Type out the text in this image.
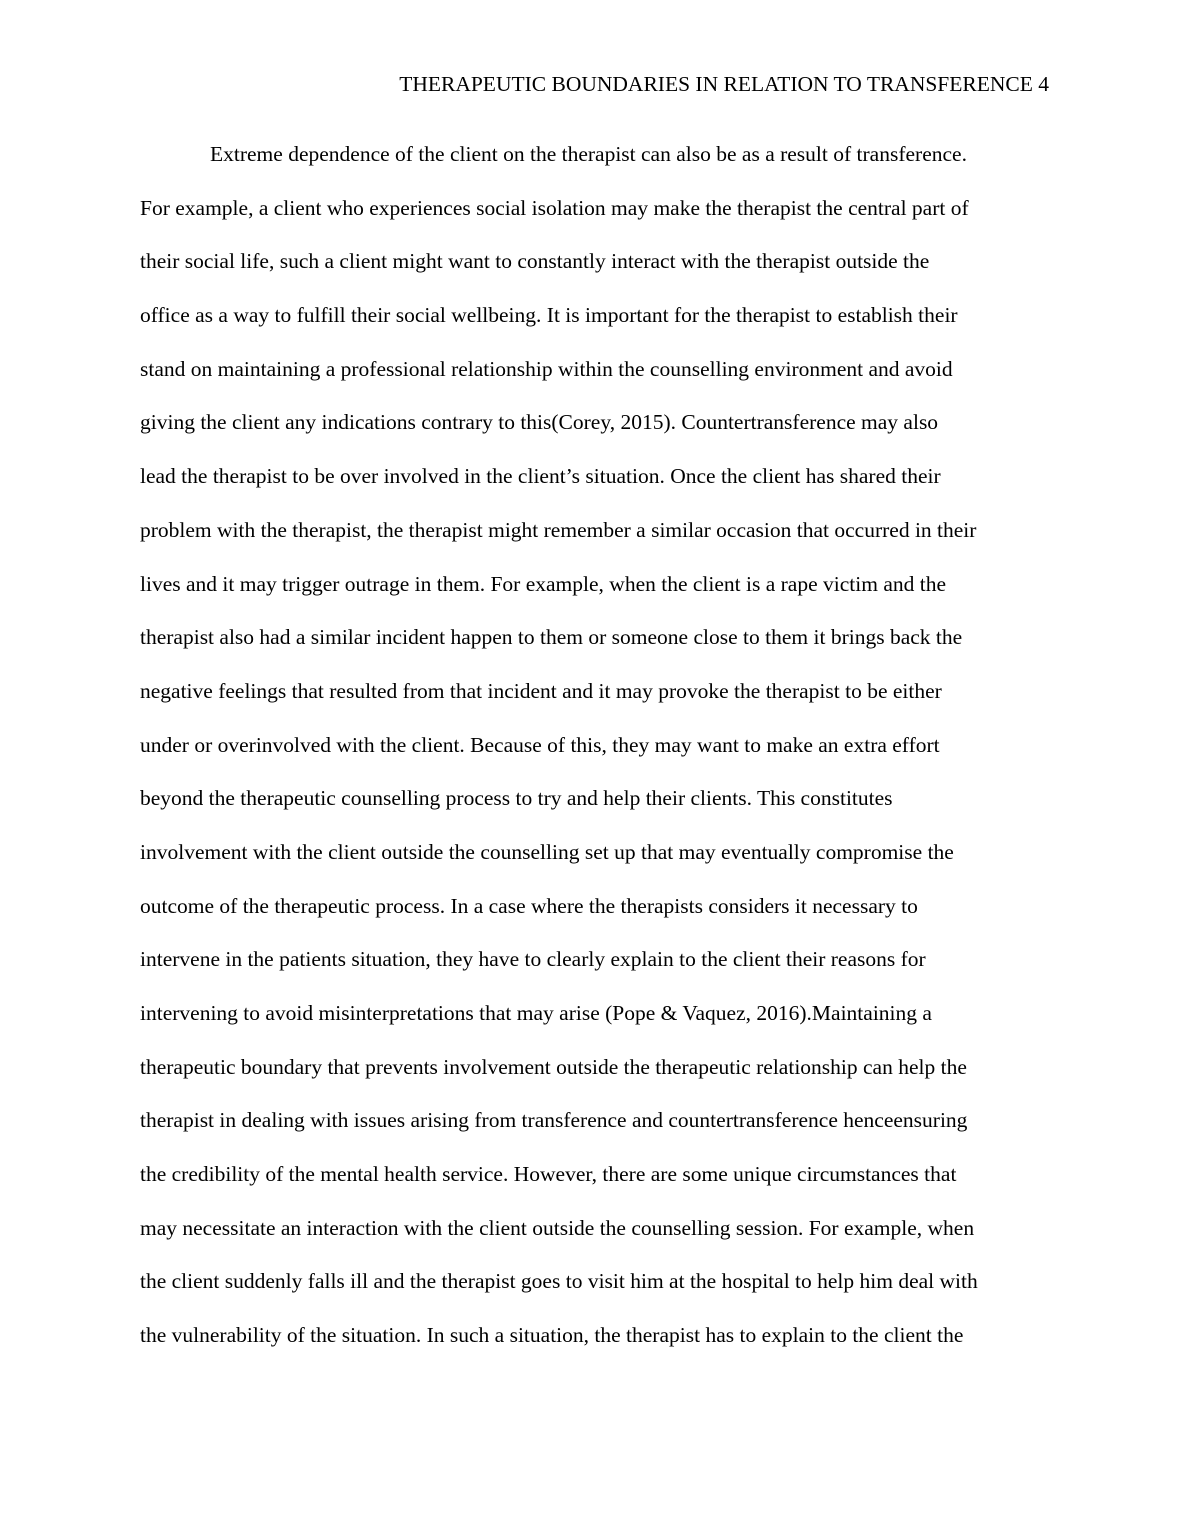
THERAPEUTIC BOUNDARIES IN RELATION TO TRANSFERENCE 4
Extreme dependence of the client on the therapist can also be as a result of transference.
For example, a client who experiences social isolation may make the therapist the central part of
their social life, such a client might want to constantly interact with the therapist outside the
office as a way to fulfill their social wellbeing. It is important for the therapist to establish their
stand on maintaining a professional relationship within the counselling environment and avoid
giving the client any indications contrary to this(Corey, 2015). Countertransference may also
lead the therapist to be over involved in the client’s situation. Once the client has shared their
problem with the therapist, the therapist might remember a similar occasion that occurred in their
lives and it may trigger outrage in them. For example, when the client is a rape victim and the
therapist also had a similar incident happen to them or someone close to them it brings back the
negative feelings that resulted from that incident and it may provoke the therapist to be either
under or overinvolved with the client. Because of this, they may want to make an extra effort
beyond the therapeutic counselling process to try and help their clients. This constitutes
involvement with the client outside the counselling set up that may eventually compromise the
outcome of the therapeutic process. In a case where the therapists considers it necessary to
intervene in the patients situation, they have to clearly explain to the client their reasons for
intervening to avoid misinterpretations that may arise (Pope & Vaquez, 2016).Maintaining a
therapeutic boundary that prevents involvement outside the therapeutic relationship can help the
therapist in dealing with issues arising from transference and countertransference henceensuring
the credibility of the mental health service. However, there are some unique circumstances that
may necessitate an interaction with the client outside the counselling session. For example, when
the client suddenly falls ill and the therapist goes to visit him at the hospital to help him deal with
the vulnerability of the situation. In such a situation, the therapist has to explain to the client the
